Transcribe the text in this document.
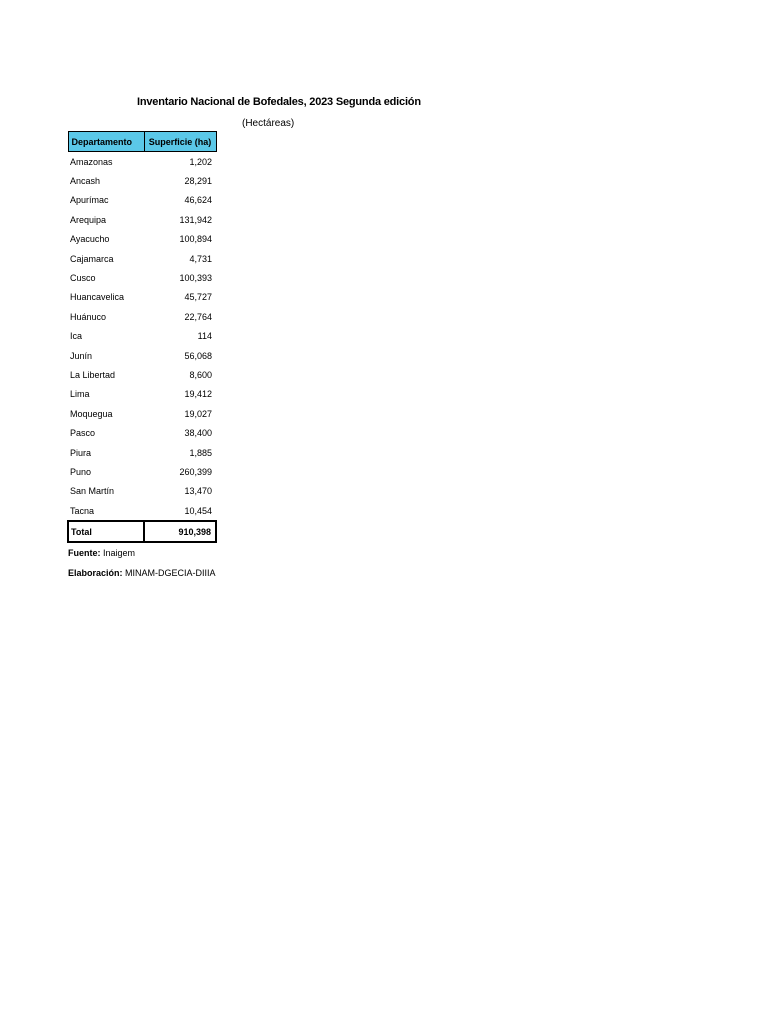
Inventario Nacional de Bofedales, 2023 Segunda edición
(Hectáreas)
Departamento	Superficie (ha)
Amazonas	1,202
Ancash	28,291
Apurímac	46,624
Arequipa	131,942
Ayacucho	100,894
Cajamarca	4,731
Cusco	100,393
Huancavelica	45,727
Huánuco	22,764
Ica	114
Junín	56,068
La Libertad	8,600
Lima	19,412
Moquegua	19,027
Pasco	38,400
Piura	1,885
Puno	260,399
San Martín	13,470
Tacna	10,454
Total	910,398
Fuente: Inaigem
Elaboración: MINAM-DGECIA-DIIIA
